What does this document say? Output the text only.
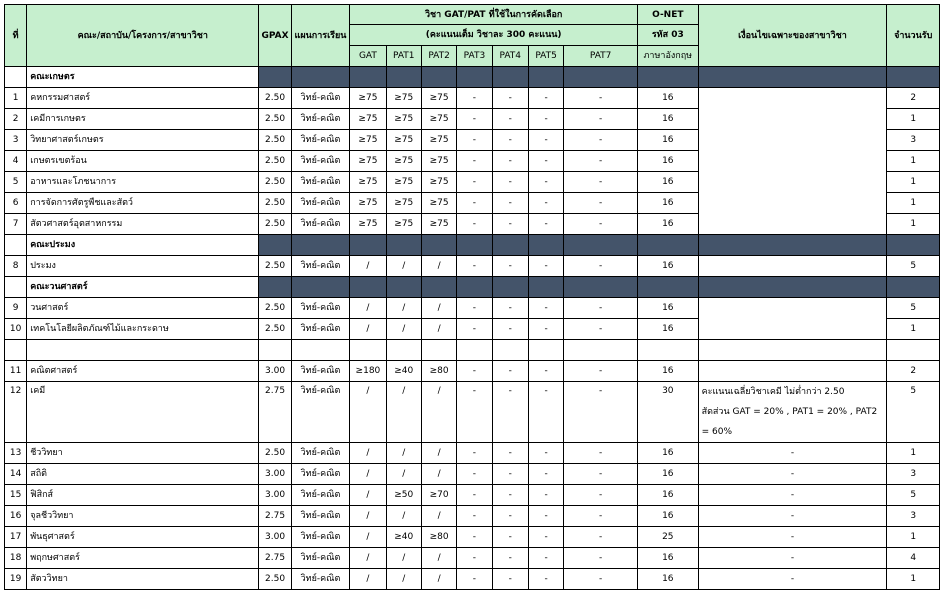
ที่	คณะ/สถาบัน/โครงการ/สาขาวิชา	GPAX	แผนการเรียน	วิชา GAT/PAT ที่ใช้ในการคัดเลือก							O-NET	เงื่อนไขเฉพาะของสาขาวิชา	จำนวนรับ
				(คะแนนเต็ม วิชาละ 300 คะแนน)							รหัส 03		
				GAT	PAT1	PAT2	PAT3	PAT4	PAT5	PAT7	ภาษาอังกฤษ		
	คณะเกษตร												
1	คหกรรมศาสตร์	2.50	วิทย์-คณิต	≥75	≥75	≥75	-	-	-	-	16		2
2	เคมีการเกษตร	2.50	วิทย์-คณิต	≥75	≥75	≥75	-	-	-	-	16		1
3	วิทยาศาสตร์เกษตร	2.50	วิทย์-คณิต	≥75	≥75	≥75	-	-	-	-	16		3
4	เกษตรเขตร้อน	2.50	วิทย์-คณิต	≥75	≥75	≥75	-	-	-	-	16		1
5	อาหารและโภชนาการ	2.50	วิทย์-คณิต	≥75	≥75	≥75	-	-	-	-	16		1
6	การจัดการศัตรูพืชและสัตว์	2.50	วิทย์-คณิต	≥75	≥75	≥75	-	-	-	-	16		1
7	สัตวศาสตร์อุตสาหกรรม	2.50	วิทย์-คณิต	≥75	≥75	≥75	-	-	-	-	16		1
	คณะประมง												
8	ประมง	2.50	วิทย์-คณิต	/	/	/	-	-	-	-	16		5
	คณะวนศาสตร์												
9	วนศาสตร์	2.50	วิทย์-คณิต	/	/	/	-	-	-	-	16		5
10	เทคโนโลยีผลิตภัณฑ์ไม้และกระดาษ	2.50	วิทย์-คณิต	/	/	/	-	-	-	-	16		1

11	คณิตศาสตร์	3.00	วิทย์-คณิต	≥180	≥40	≥80	-	-	-	-	16		2
12	เคมี	2.75	วิทย์-คณิต	/	/	/	-	-	-	-	30	คะแนนเฉลี่ยวิชาเคมี ไม่ต่ำกว่า 2.50
สัดส่วน GAT = 20% , PAT1 = 20% , PAT2 = 60%	5
13	ชีววิทยา	2.50	วิทย์-คณิต	/	/	/	-	-	-	-	16	-	1
14	สถิติ	3.00	วิทย์-คณิต	/	/	/	-	-	-	-	16	-	3
15	ฟิสิกส์	3.00	วิทย์-คณิต	/	≥50	≥70	-	-	-	-	16	-	5
16	จุลชีววิทยา	2.75	วิทย์-คณิต	/	/	/	-	-	-	-	16	-	3
17	พันธุศาสตร์	3.00	วิทย์-คณิต	/	≥40	≥80	-	-	-	-	25	-	1
18	พฤกษศาสตร์	2.75	วิทย์-คณิต	/	/	/	-	-	-	-	16	-	4
19	สัตววิทยา	2.50	วิทย์-คณิต	/	/	/	-	-	-	-	16	-	1
